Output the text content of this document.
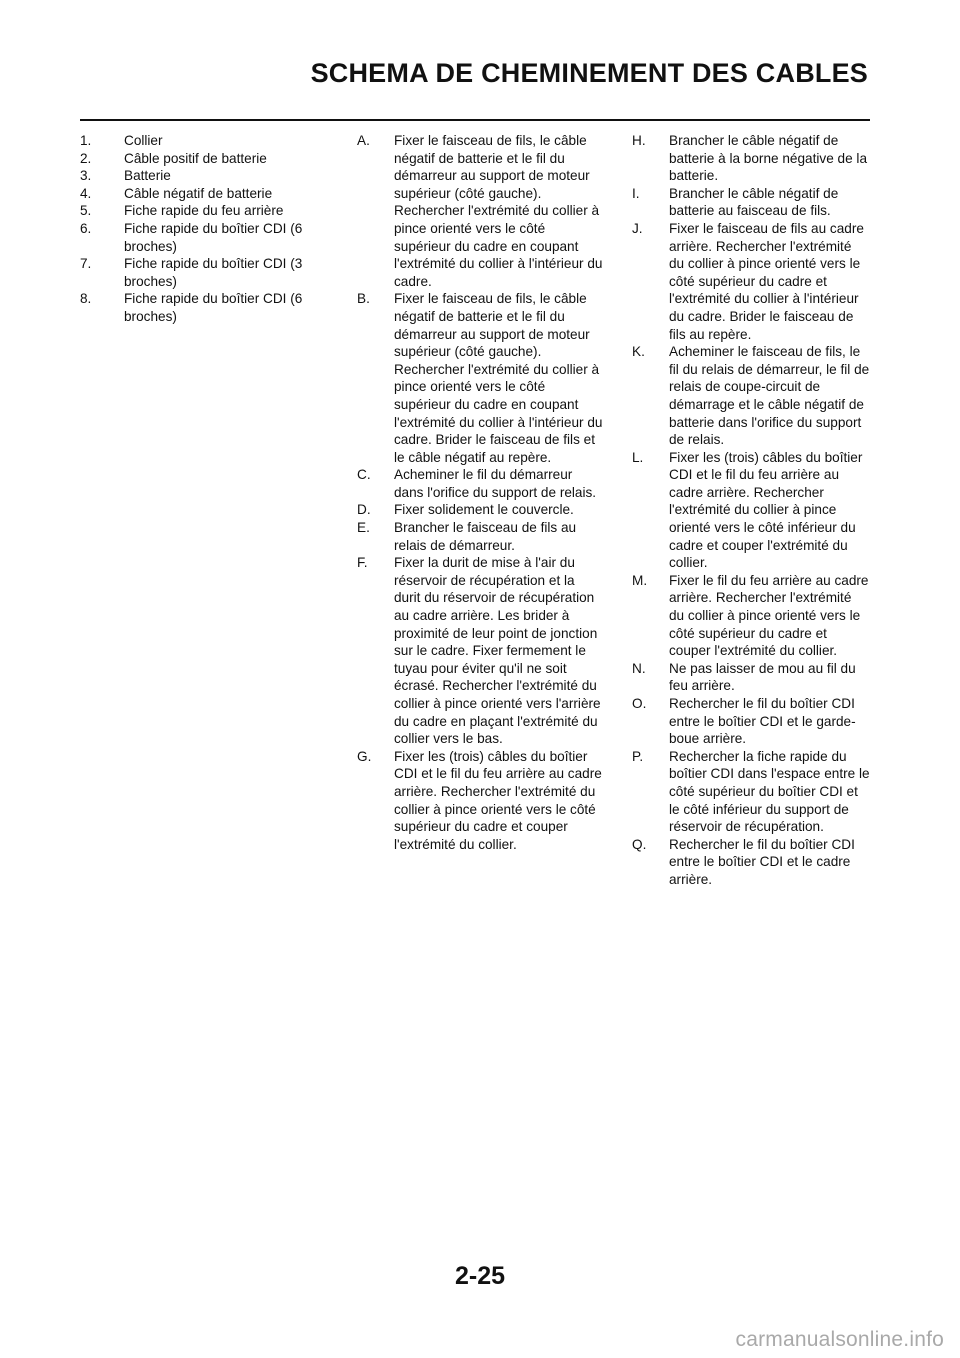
SCHEMA DE CHEMINEMENT DES CABLES
1.	Collier
2.	Câble positif de batterie
3.	Batterie
4.	Câble négatif de batterie
5.	Fiche rapide du feu arrière
6.	Fiche rapide du boîtier CDI (6 broches)
7.	Fiche rapide du boîtier CDI (3 broches)
8.	Fiche rapide du boîtier CDI (6 broches)
A.	Fixer le faisceau de fils, le câble négatif de batterie et le fil du démarreur au support de moteur supérieur (côté gauche). Rechercher l'extrémité du collier à pince orienté vers le côté supérieur du cadre en coupant l'extrémité du collier à l'intérieur du cadre.
B.	Fixer le faisceau de fils, le câble négatif de batterie et le fil du démarreur au support de moteur supérieur (côté gauche). Rechercher l'extrémité du collier à pince orienté vers le côté supérieur du cadre en coupant l'extrémité du collier à l'intérieur du cadre. Brider le faisceau de fils et le câble négatif au repère.
C.	Acheminer le fil du démarreur dans l'orifice du support de relais.
D.	Fixer solidement le couvercle.
E.	Brancher le faisceau de fils au relais de démarreur.
F.	Fixer la durit de mise à l'air du réservoir de récupération et la durit du réservoir de récupération au cadre arrière. Les brider à proximité de leur point de jonction sur le cadre. Fixer fermement le tuyau pour éviter qu'il ne soit écrasé. Rechercher l'extrémité du collier à pince orienté vers l'arrière du cadre en plaçant l'extrémité du collier vers le bas.
G.	Fixer les (trois) câbles du boîtier CDI et le fil du feu arrière au cadre arrière. Rechercher l'extrémité du collier à pince orienté vers le côté supérieur du cadre et couper l'extrémité du collier.
H.	Brancher le câble négatif de batterie à la borne négative de la batterie.
I.	Brancher le câble négatif de batterie au faisceau de fils.
J.	Fixer le faisceau de fils au cadre arrière. Rechercher l'extrémité du collier à pince orienté vers le côté supérieur du cadre et l'extrémité du collier à l'intérieur du cadre. Brider le faisceau de fils au repère.
K.	Acheminer le faisceau de fils, le fil du relais de démarreur, le fil de relais de coupe-circuit de démarrage et le câble négatif de batterie dans l'orifice du support de relais.
L.	Fixer les (trois) câbles du boîtier CDI et le fil du feu arrière au cadre arrière. Rechercher l'extrémité du collier à pince orienté vers le côté inférieur du cadre et couper l'extrémité du collier.
M.	Fixer le fil du feu arrière au cadre arrière. Rechercher l'extrémité du collier à pince orienté vers le côté supérieur du cadre et couper l'extrémité du collier.
N.	Ne pas laisser de mou au fil du feu arrière.
O.	Rechercher le fil du boîtier CDI entre le boîtier CDI et le garde-boue arrière.
P.	Rechercher la fiche rapide du boîtier CDI dans l'espace entre le côté supérieur du boîtier CDI et le côté inférieur du support de réservoir de récupération.
Q.	Rechercher le fil du boîtier CDI entre le boîtier CDI et le cadre arrière.
2-25
carmanualsonline.info
